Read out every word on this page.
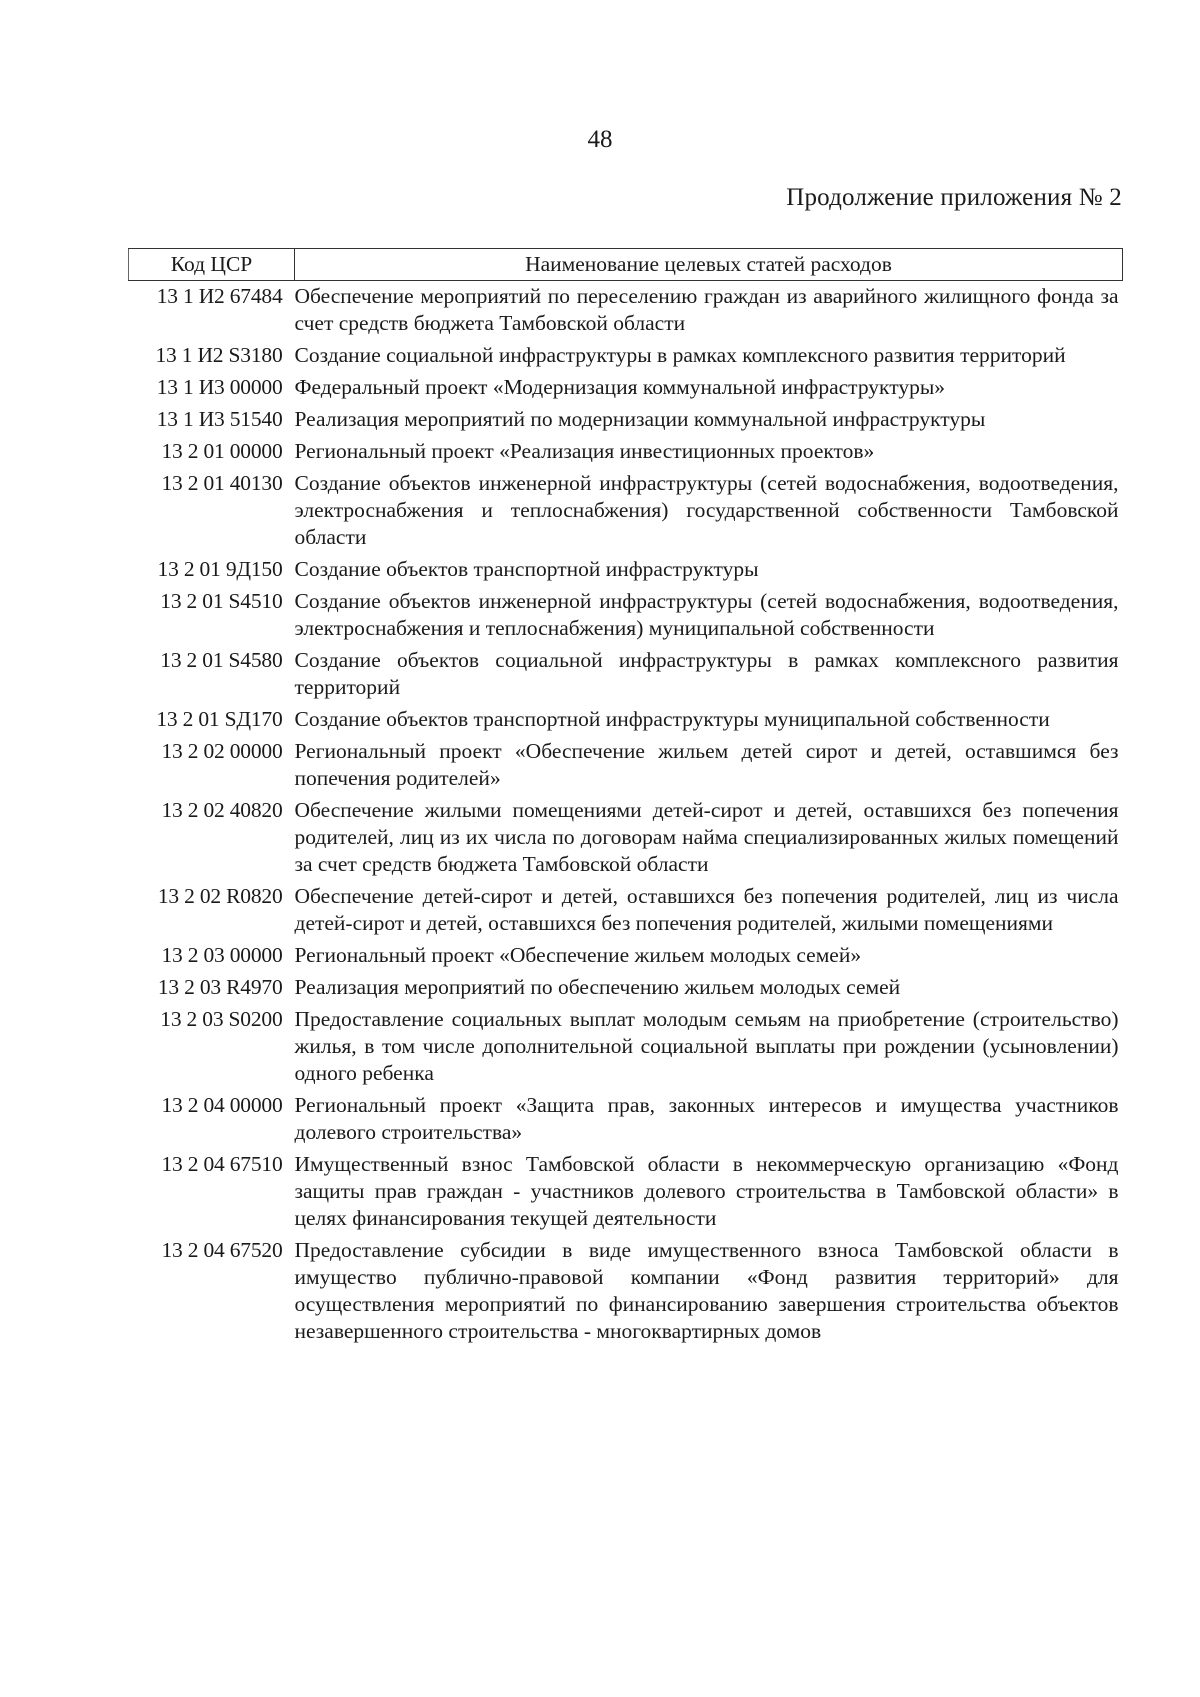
48
Продолжение приложения № 2
Код ЦСР	Наименование целевых статей расходов
13 1 И2 67484	Обеспечение мероприятий по переселению граждан из аварийного жилищного фонда за счет средств бюджета Тамбовской области
13 1 И2 S3180	Создание социальной инфраструктуры в рамках комплексного развития территорий
13 1 И3 00000	Федеральный проект «Модернизация коммунальной инфраструктуры»
13 1 И3 51540	Реализация мероприятий по модернизации коммунальной инфраструктуры
13 2 01 00000	Региональный проект «Реализация инвестиционных проектов»
13 2 01 40130	Создание объектов инженерной инфраструктуры (сетей водоснабжения, водоотведения, электроснабжения и теплоснабжения) государственной собственности Тамбовской области
13 2 01 9Д150	Создание объектов транспортной инфраструктуры
13 2 01 S4510	Создание объектов инженерной инфраструктуры (сетей водоснабжения, водоотведения, электроснабжения и теплоснабжения) муниципальной собственности
13 2 01 S4580	Создание объектов социальной инфраструктуры в рамках комплексного развития территорий
13 2 01 SД170	Создание объектов транспортной инфраструктуры муниципальной собственности
13 2 02 00000	Региональный проект «Обеспечение жильем детей сирот и детей, оставшимся без попечения родителей»
13 2 02 40820	Обеспечение жилыми помещениями детей-сирот и детей, оставшихся без попечения родителей, лиц из их числа по договорам найма специализированных жилых помещений за счет средств бюджета Тамбовской области
13 2 02 R0820	Обеспечение детей-сирот и детей, оставшихся без попечения родителей, лиц из числа детей-сирот и детей, оставшихся без попечения родителей, жилыми помещениями
13 2 03 00000	Региональный проект «Обеспечение жильем молодых семей»
13 2 03 R4970	Реализация мероприятий по обеспечению жильем молодых семей
13 2 03 S0200	Предоставление социальных выплат молодым семьям на приобретение (строительство) жилья, в том числе дополнительной социальной выплаты при рождении (усыновлении) одного ребенка
13 2 04 00000	Региональный проект «Защита прав, законных интересов и имущества участников долевого строительства»
13 2 04 67510	Имущественный взнос Тамбовской области в некоммерческую организацию «Фонд защиты прав граждан - участников долевого строительства в Тамбовской области» в целях финансирования текущей деятельности
13 2 04 67520	Предоставление субсидии в виде имущественного взноса Тамбовской области в имущество публично-правовой компании «Фонд развития территорий» для осуществления мероприятий по финансированию завершения строительства объектов незавершенного строительства - многоквартирных домов
